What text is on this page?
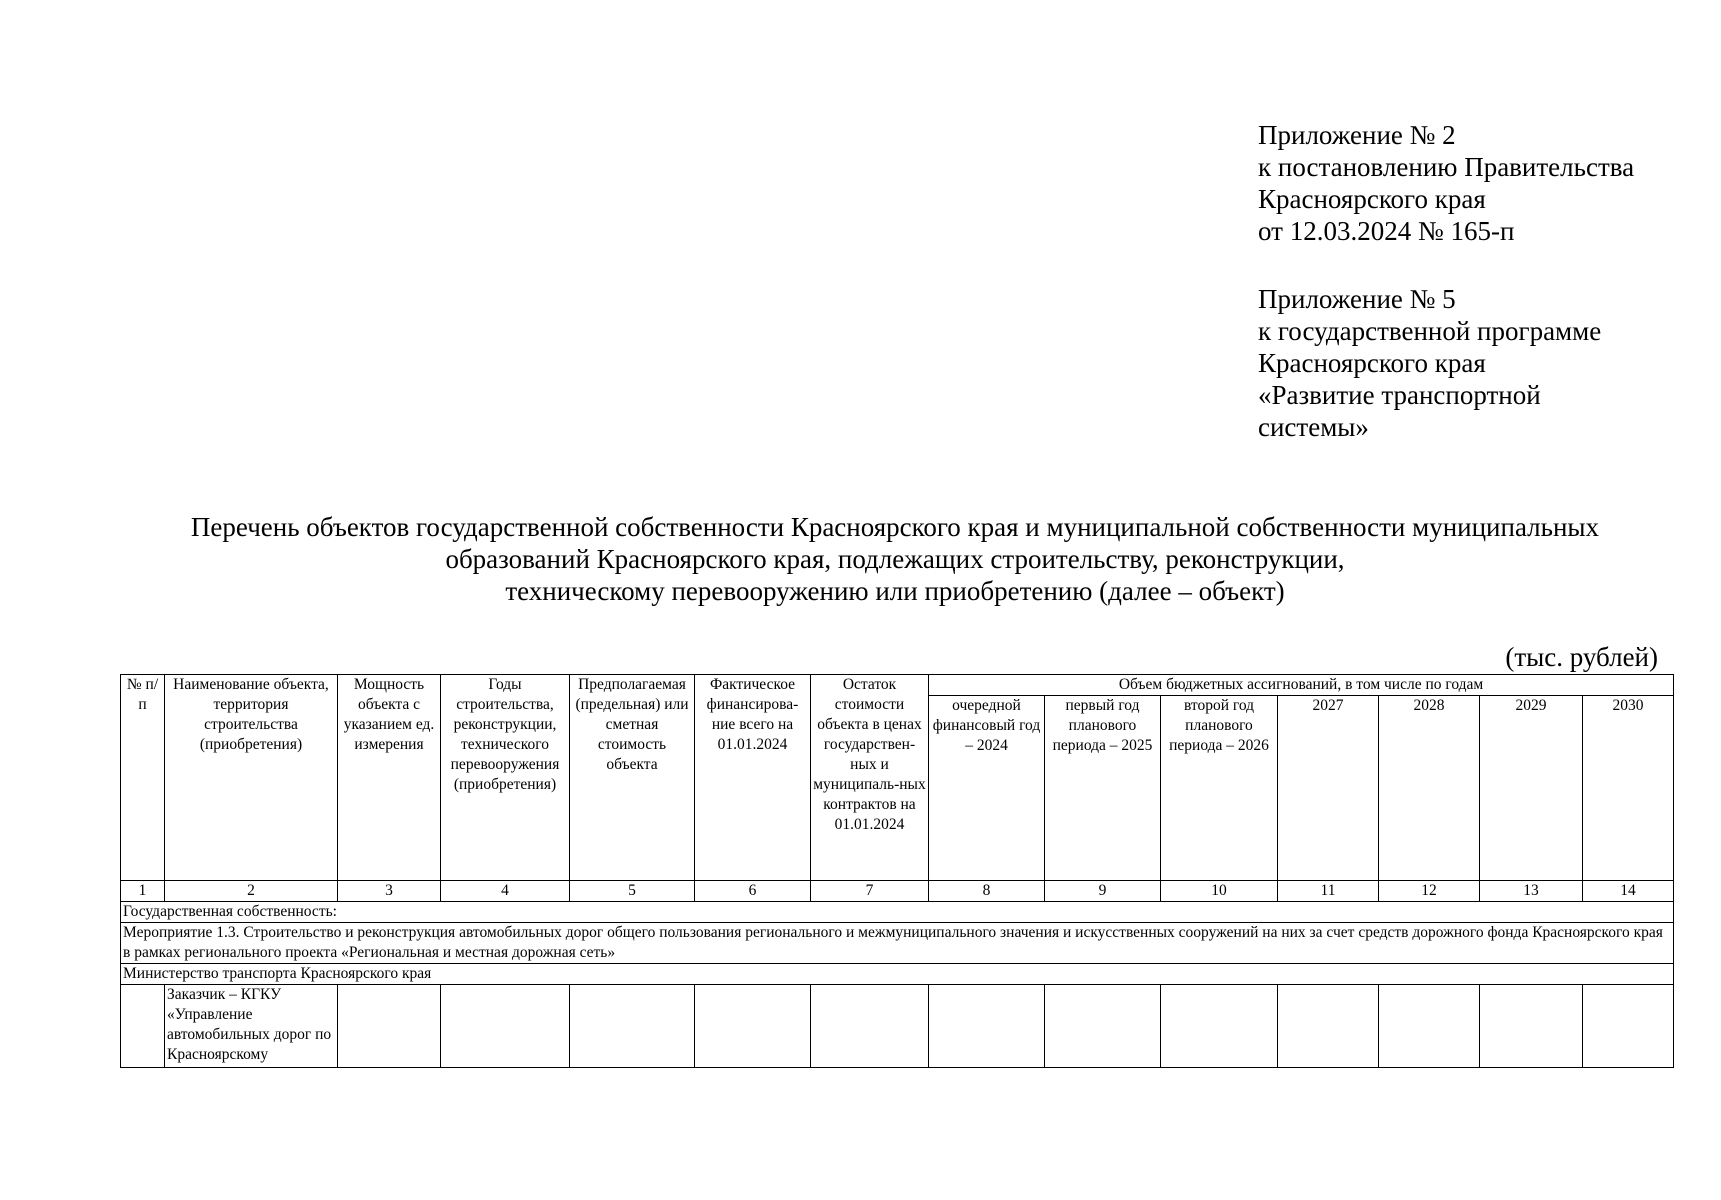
Приложение № 2
к постановлению Правительства
Красноярского края
от 12.03.2024 № 165-п
Приложение № 5
к государственной программе
Красноярского края
«Развитие транспортной
системы»
Перечень объектов государственной собственности Красноярского края и муниципальной собственности муниципальных
образований Красноярского края, подлежащих строительству, реконструкции,
техническому перевооружению или приобретению (далее – объект)
(тыс. рублей)
№ п/п	Наименование объекта, территория строительства (приобретения)	Мощность объекта с указанием ед. измерения	Годы строительства, реконструкции, технического перевооружения (приобретения)	Предполагаемая (предельная) или сметная стоимость объекта	Фактическое финансирова-ние всего на 01.01.2024	Остаток стоимости объекта в ценах государствен-ных и муниципаль-ных контрактов на 01.01.2024	Объем бюджетных ассигнований, в том числе по годам						
							очередной финансовый год – 2024	первый год планового периода – 2025	второй год планового периода – 2026	2027	2028	2029	2030
1	2	3	4	5	6	7	8	9	10	11	12	13	14
Государственная собственность:													
Мероприятие 1.3. Строительство и реконструкция автомобильных дорог общего пользования регионального и межмуниципального значения и искусственных сооружений на них за счет средств дорожного фонда Красноярского края в рамках регионального проекта «Региональная и местная дорожная сеть»													
Министерство транспорта Красноярского края													
	Заказчик – КГКУ «Управление автомобильных дорог по Красноярскому												
